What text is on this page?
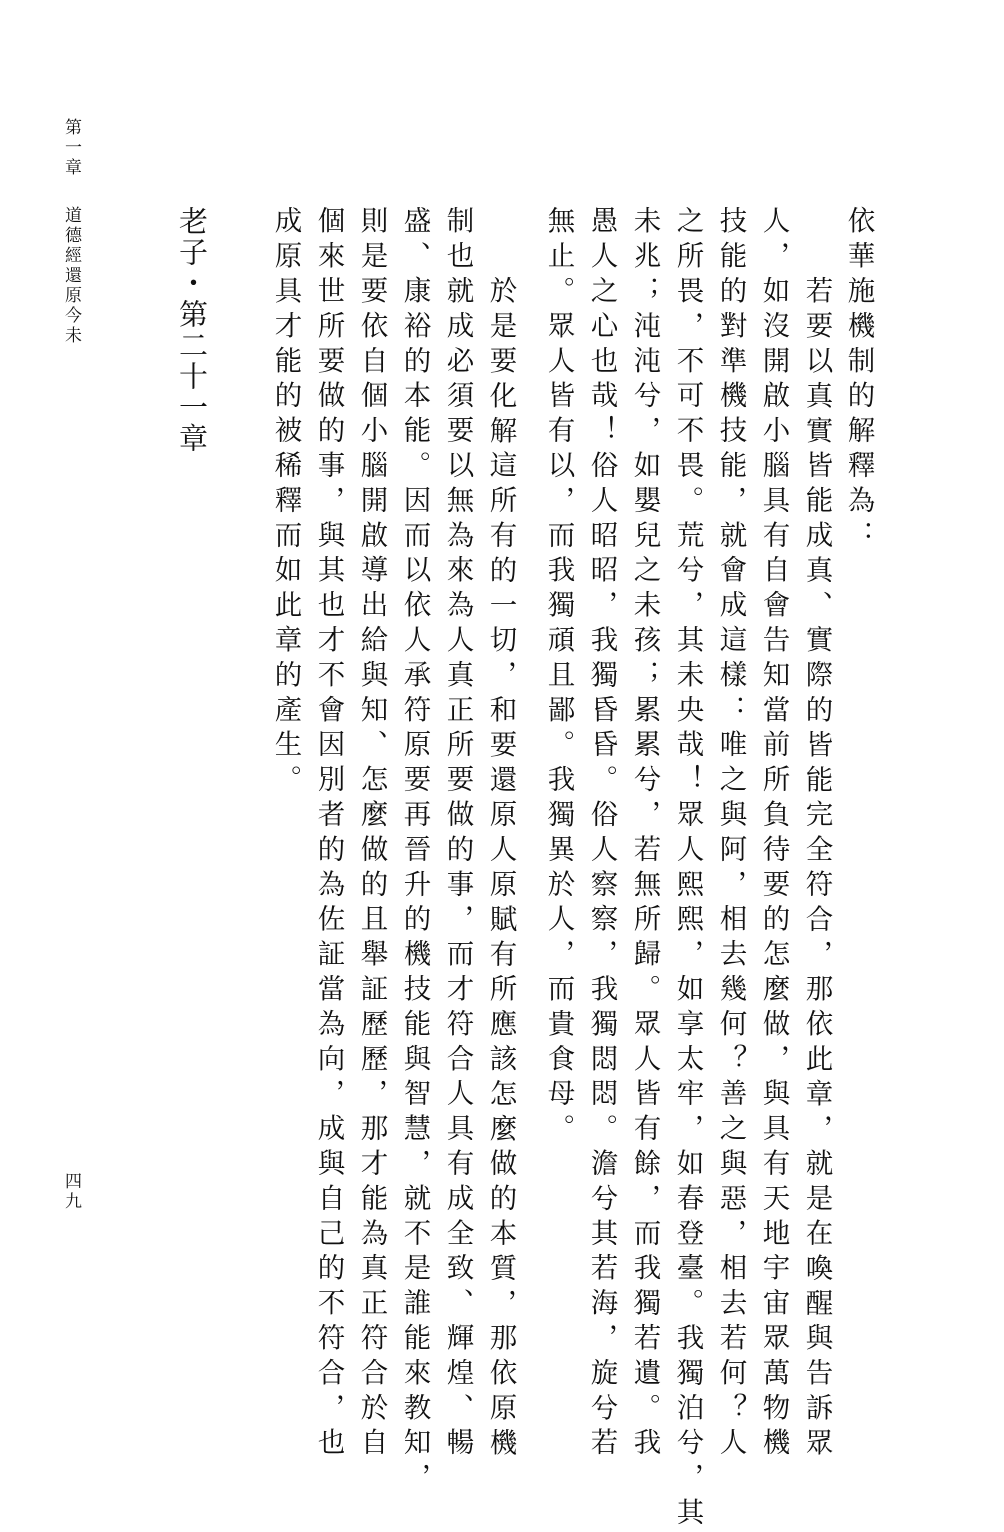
第一章
道德經還原今未
四九
老子・第二十一章	依華施機制的解釋為：
若要以真實皆能成真、實際的皆能完全符合，那依此章，就是在喚醒與告訴眾
人，如沒開啟小腦具有自會告知當前所負待要的怎麼做，與具有天地宇宙眾萬物機
技能的對準機技能，就會成這樣：唯之與阿，相去幾何？善之與惡，相去若何？人
之所畏，不可不畏。荒兮，其未央哉！眾人熙熙，如享太牢，如春登臺。我獨泊兮，其
未兆；沌沌兮，如嬰兒之未孩；累累兮，若無所歸。眾人皆有餘，而我獨若遺。我
愚人之心也哉！俗人昭昭，我獨昏昏。俗人察察，我獨悶悶。澹兮其若海，旋兮若
無止。眾人皆有以，而我獨頑且鄙。我獨異於人，而貴食母。
於是要化解這所有的一切，和要還原人原賦有所應該怎麼做的本質，那依原機
制也就成必須要以無為來為人真正所要做的事，而才符合人具有成全致、輝煌、暢
盛、康裕的本能。因而以依人承符原要再晉升的機技能與智慧，就不是誰能來教知，
則是要依自個小腦開啟導出給與知、怎麼做的且舉証歷歷，那才能為真正符合於自
個來世所要做的事，與其也才不會因別者的為佐証當為向，成與自己的不符合，也
成原具才能的被稀釋而如此章的產生。
